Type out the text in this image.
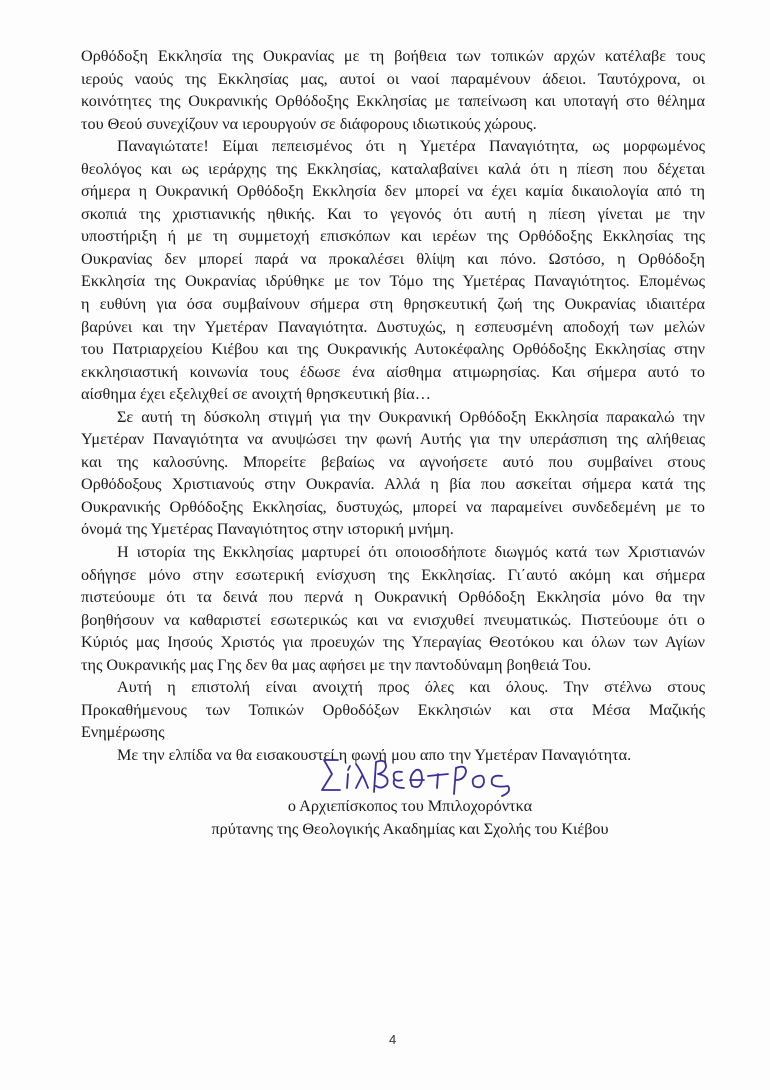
Ορθόδοξη Εκκλησία της Ουκρανίας με τη βοήθεια των τοπικών αρχών κατέλαβε τους
ιερούς ναούς της Εκκλησίας μας, αυτοί οι ναοί παραμένουν άδειοι. Ταυτόχρονα, οι
κοινότητες της Ουκρανικής Ορθόδοξης Εκκλησίας με ταπείνωση και υποταγή στο θέλημα
του Θεού συνεχίζουν να ιερουργούν σε διάφορους ιδιωτικούς χώρους.
Παναγιώτατε! Είμαι πεπεισμένος ότι η Υμετέρα Παναγιότητα, ως μορφωμένος
θεολόγος και ως ιεράρχης της Εκκλησίας, καταλαβαίνει καλά ότι η πίεση που δέχεται
σήμερα η Ουκρανική Ορθόδοξη Εκκλησία δεν μπορεί να έχει καμία δικαιολογία από τη
σκοπιά της χριστιανικής ηθικής. Και το γεγονός ότι αυτή η πίεση γίνεται με την
υποστήριξη ή με τη συμμετοχή επισκόπων και ιερέων της Ορθόδοξης Εκκλησίας της
Ουκρανίας δεν μπορεί παρά να προκαλέσει θλίψη και πόνο. Ωστόσο, η Ορθόδοξη
Εκκλησία της Ουκρανίας ιδρύθηκε με τον Τόμο της Υμετέρας Παναγιότητος. Επομένως
η ευθύνη για όσα συμβαίνουν σήμερα στη θρησκευτική ζωή της Ουκρανίας ιδιαιτέρα
βαρύνει και την Υμετέραν Παναγιότητα. Δυστυχώς, η εσπευσμένη αποδοχή των μελών
του Πατριαρχείου Κιέβου και της Ουκρανικής Αυτοκέφαλης Ορθόδοξης Εκκλησίας στην
εκκλησιαστική κοινωνία τους έδωσε ένα αίσθημα ατιμωρησίας. Και σήμερα αυτό το
αίσθημα έχει εξελιχθεί σε ανοιχτή θρησκευτική βία…
Σε αυτή τη δύσκολη στιγμή για την Ουκρανική Ορθόδοξη Εκκλησία παρακαλώ την
Υμετέραν Παναγιότητα να ανυψώσει την φωνή Αυτής για την υπεράσπιση της αλήθειας
και της καλοσύνης. Μπορείτε βεβαίως να αγνοήσετε αυτό που συμβαίνει στους
Ορθόδοξους Χριστιανούς στην Ουκρανία. Αλλά η βία που ασκείται σήμερα κατά της
Ουκρανικής Ορθόδοξης Εκκλησίας, δυστυχώς, μπορεί να παραμείνει συνδεδεμένη με το
όνομά της Υμετέρας Παναγιότητος στην ιστορική μνήμη.
Η ιστορία της Εκκλησίας μαρτυρεί ότι οποιοσδήποτε διωγμός κατά των Χριστιανών
οδήγησε μόνο στην εσωτερική ενίσχυση της Εκκλησίας. Γι΄αυτό ακόμη και σήμερα
πιστεύουμε ότι τα δεινά που περνά η Ουκρανική Ορθόδοξη Εκκλησία μόνο θα την
βοηθήσουν να καθαριστεί εσωτερικώς και να ενισχυθεί πνευματικώς. Πιστεύουμε ότι ο
Κύριός μας Ιησούς Χριστός για προευχών της Υπεραγίας Θεοτόκου και όλων των Αγίων
της Ουκρανικής μας Γης δεν θα μας αφήσει με την παντοδύναμη βοηθειά Του.
Αυτή η επιστολή είναι ανοιχτή προς όλες και όλους. Την στέλνω στους
Προκαθήμενους των Τοπικών Ορθοδόξων Εκκλησιών και στα Μέσα Μαζικής
Ενημέρωσης
Με την ελπίδα να θα εισακουστεί η φωνή μου απο την Υμετέραν Παναγιότητα.
ο Αρχιεπίσκοπος του Μπιλοχορόντκα
πρύτανης της Θεολογικής Ακαδημίας και Σχολής του Κιέβου
4
